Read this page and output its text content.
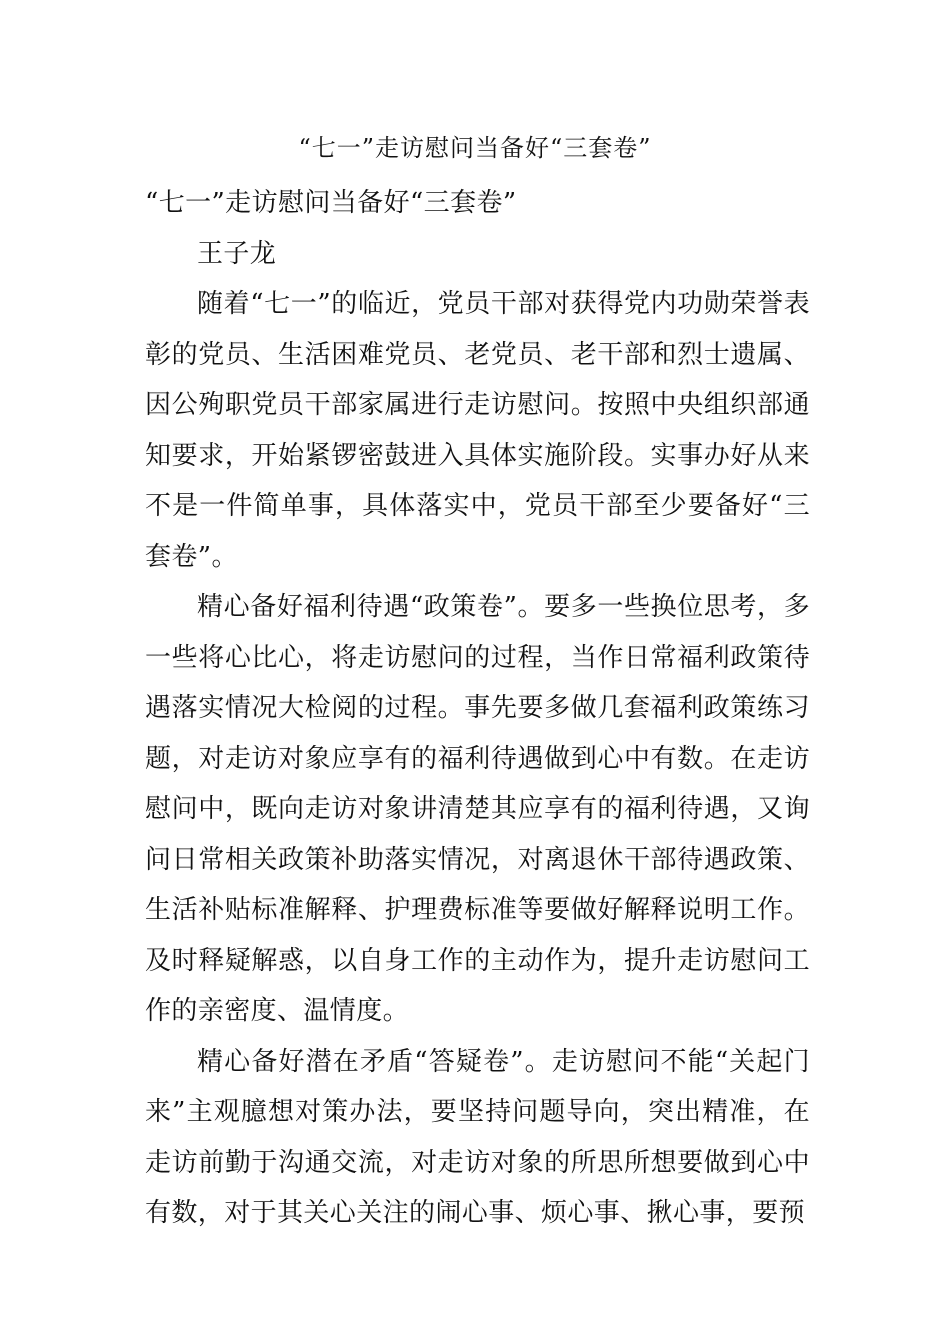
“七一”走访慰问当备好“三套卷”

“七一”走访慰问当备好“三套卷”

王子龙

随着“七一”的临近，党员干部对获得党内功勋荣誉表彰的党员、生活困难党员、老党员、老干部和烈士遗属、因公殉职党员干部家属进行走访慰问。按照中央组织部通知要求，开始紧锣密鼓进入具体实施阶段。实事办好从来不是一件简单事，具体落实中，党员干部至少要备好“三套卷”。

精心备好福利待遇“政策卷”。要多一些换位思考，多一些将心比心，将走访慰问的过程，当作日常福利政策待遇落实情况大检阅的过程。事先要多做几套福利政策练习题，对走访对象应享有的福利待遇做到心中有数。在走访慰问中，既向走访对象讲清楚其应享有的福利待遇，又询问日常相关政策补助落实情况，对离退休干部待遇政策、生活补贴标准解释、护理费标准等要做好解释说明工作。及时释疑解惑，以自身工作的主动作为，提升走访慰问工作的亲密度、温情度。

精心备好潜在矛盾“答疑卷”。走访慰问不能“关起门来”主观臆想对策办法，要坚持问题导向，突出精准，在走访前勤于沟通交流，对走访对象的所思所想要做到心中有数，对于其关心关注的闹心事、烦心事、揪心事，要预
